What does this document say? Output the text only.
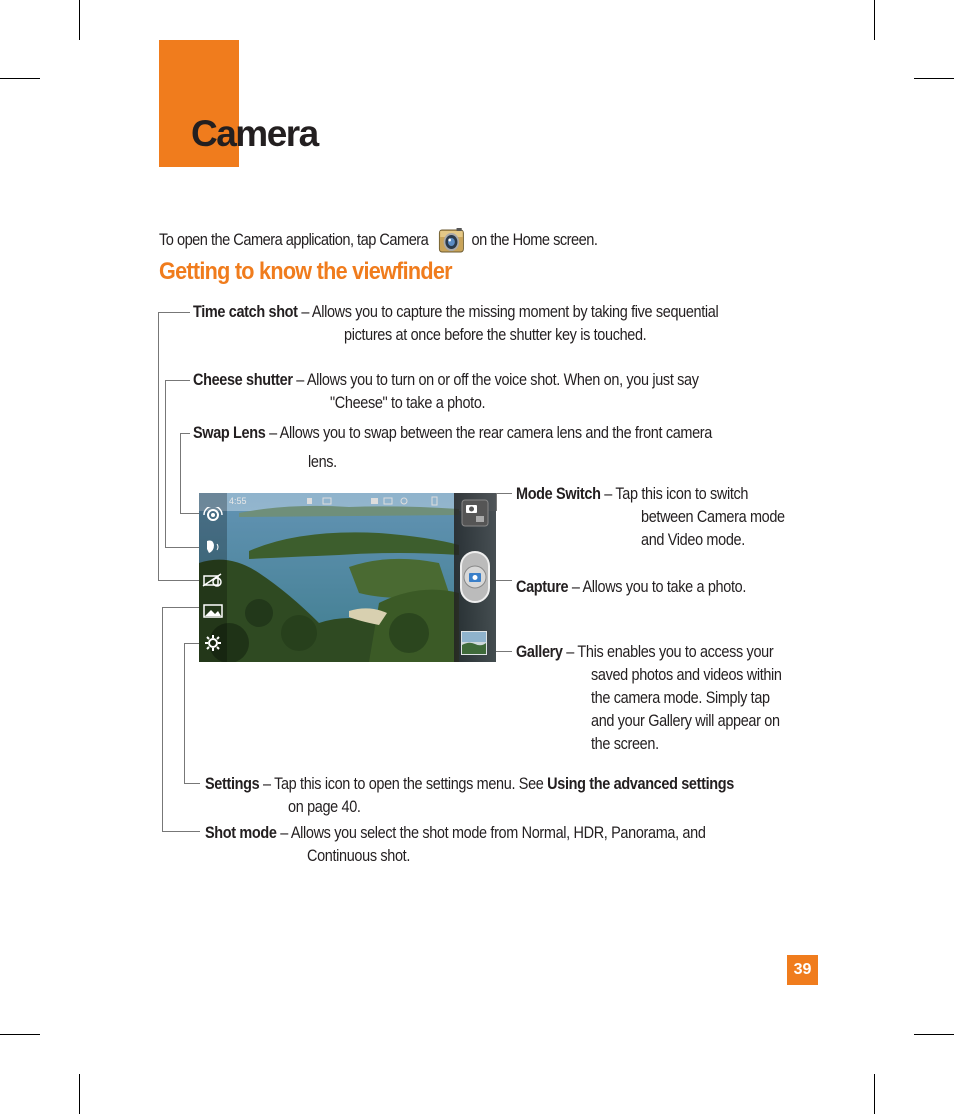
Camera
To open the Camera application, tap Camera	on the Home screen.
Getting to know the viewfinder
Time catch shot – Allows you to capture the missing moment by taking five sequential
pictures at once before the shutter key is touched.
Cheese shutter – Allows you to turn on or off the voice shot. When on, you just say
"Cheese" to take a photo.
Swap Lens – Allows you to swap between the rear camera lens and the front camera
lens.
Mode Switch – Tap this icon to switch
between Camera mode
and Video mode.
Capture – Allows you to take a photo.
Gallery – This enables you to access your
saved photos and videos within
the camera mode. Simply tap
and your Gallery will appear on
the screen.
Settings – Tap this icon to open the settings menu. See Using the advanced settings
on page 40.
Shot mode – Allows you select the shot mode from Normal, HDR, Panorama, and
Continuous shot.
4:55
39
